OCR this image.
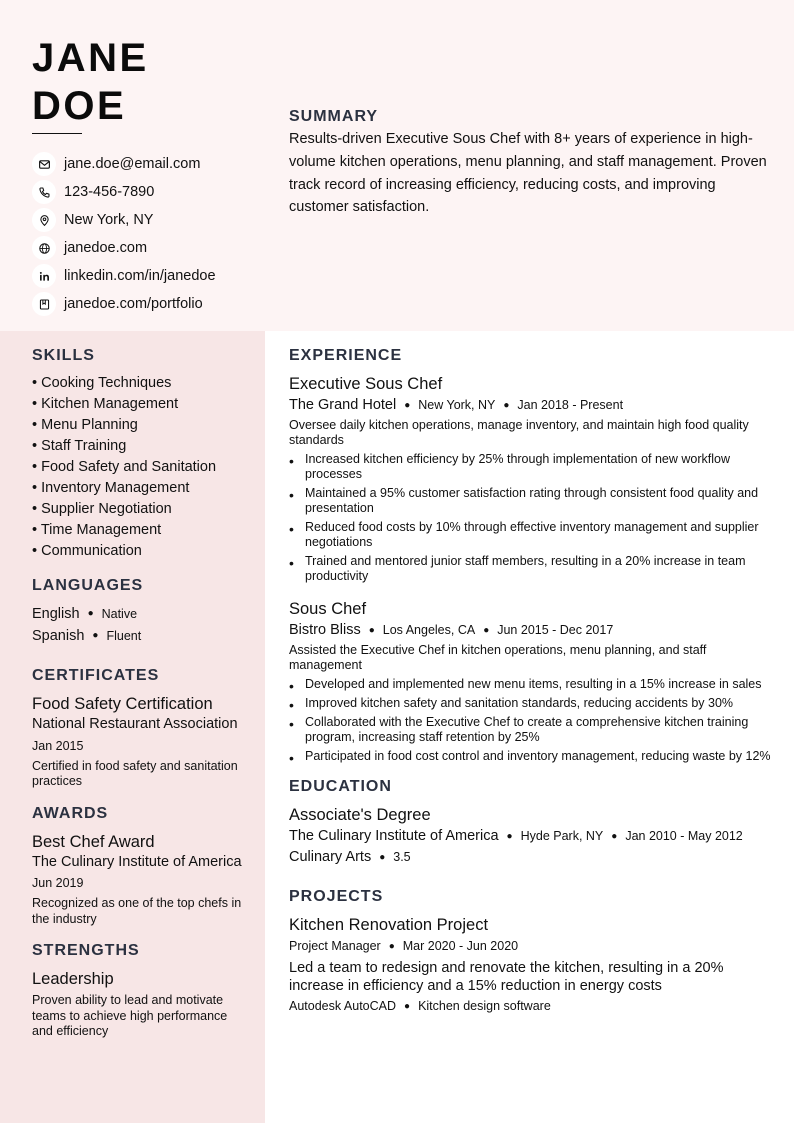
JANE
DOE
jane.doe@email.com
123-456-7890
New York, NY
janedoe.com
linkedin.com/in/janedoe
janedoe.com/portfolio
SUMMARY

Results-driven Executive Sous Chef with 8+ years of experience in high-volume kitchen operations, menu planning, and staff management. Proven track record of increasing efficiency, reducing costs, and improving customer satisfaction.

SKILLS
• Cooking Techniques
• Kitchen Management
• Menu Planning
• Staff Training
• Food Safety and Sanitation
• Inventory Management
• Supplier Negotiation
• Time Management
• Communication
LANGUAGES
English ● Native
Spanish ● Fluent
CERTIFICATES
Food Safety Certification
National Restaurant Association
Jan 2015
Certified in food safety and sanitation practices
AWARDS
Best Chef Award
The Culinary Institute of America
Jun 2019
Recognized as one of the top chefs in the industry
STRENGTHS
Leadership
Proven ability to lead and motivate teams to achieve high performance and efficiency
EXPERIENCE
Executive Sous Chef
The Grand Hotel ● New York, NY ● Jan 2018 - Present
Oversee daily kitchen operations, manage inventory, and maintain high food quality standards
• Increased kitchen efficiency by 25% through implementation of new workflow processes
• Maintained a 95% customer satisfaction rating through consistent food quality and presentation
• Reduced food costs by 10% through effective inventory management and supplier negotiations
• Trained and mentored junior staff members, resulting in a 20% increase in team productivity
Sous Chef
Bistro Bliss ● Los Angeles, CA ● Jun 2015 - Dec 2017
Assisted the Executive Chef in kitchen operations, menu planning, and staff management
• Developed and implemented new menu items, resulting in a 15% increase in sales
• Improved kitchen safety and sanitation standards, reducing accidents by 30%
• Collaborated with the Executive Chef to create a comprehensive kitchen training program, increasing staff retention by 25%
• Participated in food cost control and inventory management, reducing waste by 12%
EDUCATION
Associate's Degree
The Culinary Institute of America ● Hyde Park, NY ● Jan 2010 - May 2012
Culinary Arts ● 3.5
PROJECTS
Kitchen Renovation Project
Project Manager ● Mar 2020 - Jun 2020
Led a team to redesign and renovate the kitchen, resulting in a 20% increase in efficiency and a 15% reduction in energy costs
Autodesk AutoCAD ● Kitchen design software
